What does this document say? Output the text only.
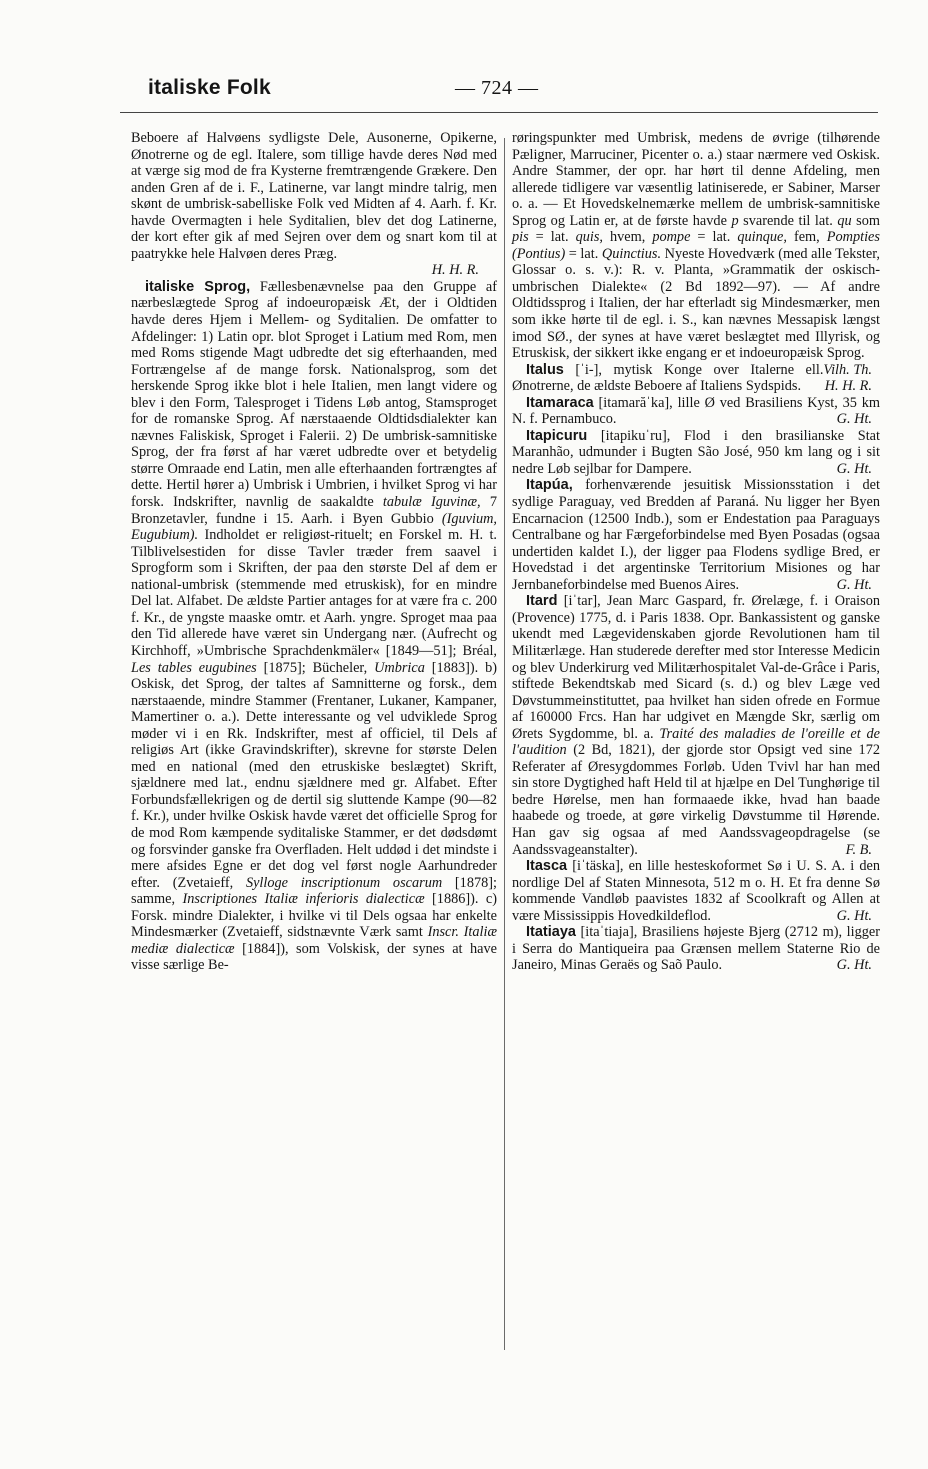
italiske Folk	— 724 —

Beboere af Halvøens sydligste Dele, Ausonerne, Opikerne, Ønotrerne og de egl. Italere, som tillige havde deres Nød med at værge sig mod de fra Kysterne fremtrængende Grækere. Den anden Gren af de i. F., Latinerne, var langt mindre talrig, men skønt de umbrisk-sabelliske Folk ved Midten af 4. Aarh. f. Kr. havde Overmagten i hele Syditalien, blev det dog Latinerne, der kort efter gik af med Sejren over dem og snart kom til at paatrykke hele Halvøen deres Præg.
H. H. R.

italiske Sprog, Fællesbenævnelse paa den Gruppe af nærbeslægtede Sprog af indoeuropæisk Æt, der i Oldtiden havde deres Hjem i Mellem- og Syditalien. De omfatter to Afdelinger: 1) Latin opr. blot Sproget i Latium med Rom, men med Roms stigende Magt udbredte det sig efterhaanden, med Fortrængelse af de mange forsk. Nationalsprog, som det herskende Sprog ikke blot i hele Italien, men langt videre og blev i den Form, Talesproget i Tidens Løb antog, Stamsproget for de romanske Sprog. Af nærstaaende Oldtidsdialekter kan nævnes Faliskisk, Sproget i Falerii. 2) De umbrisk-samnitiske Sprog, der fra først af har været udbredte over et betydelig større Omraade end Latin, men alle efterhaanden fortrængtes af dette. Hertil hører a) Umbrisk i Umbrien, i hvilket Sprog vi har forsk. Indskrifter, navnlig de saakaldte tabulæ Iguvinæ, 7 Bronzetavler, fundne i 15. Aarh. i Byen Gubbio (Iguvium, Eugubium). Indholdet er religiøst-rituelt; en Forskel m. H. t. Tilblivelsestiden for disse Tavler træder frem saavel i Sprogform som i Skriften, der paa den største Del af dem er national-umbrisk (stemmende med etruskisk), for en mindre Del lat. Alfabet. De ældste Partier antages for at være fra c. 200 f. Kr., de yngste maaske omtr. et Aarh. yngre. Sproget maa paa den Tid allerede have været sin Undergang nær. (Aufrecht og Kirchhoff, »Umbrische Sprachdenkmäler« [1849—51]; Bréal, Les tables eugubines [1875]; Bücheler, Umbrica [1883]). b) Oskisk, det Sprog, der taltes af Samnitterne og forsk., dem nærstaaende, mindre Stammer (Frentaner, Lukaner, Kampaner, Mamertiner o. a.). Dette interessante og vel udviklede Sprog møder vi i en Rk. Indskrifter, mest af officiel, til Dels af religiøs Art (ikke Gravindskrifter), skrevne for største Delen med en national (med den etruskiske beslægtet) Skrift, sjældnere med lat., endnu sjældnere med gr. Alfabet. Efter Forbundsfællekrigen og de dertil sig sluttende Kampe (90—82 f. Kr.), under hvilke Oskisk havde været det officielle Sprog for de mod Rom kæmpende syditaliske Stammer, er det dødsdømt og forsvinder ganske fra Overfladen. Helt uddød i det mindste i mere afsides Egne er det dog vel først nogle Aarhundreder efter. (Zvetaieff, Sylloge inscriptionum oscarum [1878]; samme, Inscriptiones Italiæ inferioris dialecticæ [1886]). c) Forsk. mindre Dialekter, i hvilke vi til Dels ogsaa har enkelte Mindesmærker (Zvetaieff, sidstnævnte Værk samt Inscr. Italiæ mediæ dialecticæ [1884]), som Volskisk, der synes at have visse særlige Be-

røringspunkter med Umbrisk, medens de øvrige (tilhørende Pæligner, Marruciner, Picenter o. a.) staar nærmere ved Oskisk. Andre Stammer, der opr. har hørt til denne Afdeling, men allerede tidligere var væsentlig latiniserede, er Sabiner, Marser o. a. — Et Hovedskelnemærke mellem de umbrisk-samnitiske Sprog og Latin er, at de første havde p svarende til lat. qu som pis = lat. quis, hvem, pompe = lat. quinque, fem, Pompties (Pontius) = lat. Quinctius. Nyeste Hovedværk (med alle Tekster, Glossar o. s. v.): R. v. Planta, »Grammatik der oskisch-umbrischen Dialekte« (2 Bd 1892—97). — Af andre Oldtidssprog i Italien, der har efterladt sig Mindesmærker, men som ikke hørte til de egl. i. S., kan nævnes Messapisk længst imod SØ., der synes at have været beslægtet med Illyrisk, og Etruskisk, der sikkert ikke engang er et indoeuropæisk Sprog.
Vilh. Th.

Italus [ˈi-], mytisk Konge over Italerne ell. Ønotrerne, de ældste Beboere af Italiens Sydspids.	H. H. R.

Itamaraca [itamarăˈka], lille Ø ved Brasiliens Kyst, 35 km N. f. Pernambuco.	G. Ht.

Itapicuru [itapikuˈru], Flod i den brasilianske Stat Maranhão, udmunder i Bugten São José, 950 km lang og i sit nedre Løb sejlbar for Dampere.	G. Ht.

Itapúa, forhenværende jesuitisk Missionsstation i det sydlige Paraguay, ved Bredden af Paraná. Nu ligger her Byen Encarnacion (12500 Indb.), som er Endestation paa Paraguays Centralbane og har Færgeforbindelse med Byen Posadas (ogsaa undertiden kaldet I.), der ligger paa Flodens sydlige Bred, er Hovedstad i det argentinske Territorium Misiones og har Jernbaneforbindelse med Buenos Aires.	G. Ht.

Itard [iˈtar], Jean Marc Gaspard, fr. Ørelæge, f. i Oraison (Provence) 1775, d. i Paris 1838. Opr. Bankassistent og ganske ukendt med Lægevidenskaben gjorde Revolutionen ham til Militærlæge. Han studerede derefter med stor Interesse Medicin og blev Underkirurg ved Militærhospitalet Val-de-Grâce i Paris, stiftede Bekendtskab med Sicard (s. d.) og blev Læge ved Døvstummeinstituttet, paa hvilket han siden ofrede en Formue af 160000 Frcs. Han har udgivet en Mængde Skr, særlig om Ørets Sygdomme, bl. a. Traité des maladies de l'oreille et de l'audition (2 Bd, 1821), der gjorde stor Opsigt ved sine 172 Referater af Øresygdommes Forløb. Uden Tvivl har han med sin store Dygtighed haft Held til at hjælpe en Del Tunghørige til bedre Hørelse, men han formaaede ikke, hvad han baade haabede og troede, at gøre virkelig Døvstumme til Hørende. Han gav sig ogsaa af med Aandssvageopdragelse (se Aandssvageanstalter).	F. B.

Itasca [iˈtäska], en lille hesteskoformet Sø i U. S. A. i den nordlige Del af Staten Minnesota, 512 m o. H. Et fra denne Sø kommende Vandløb paavistes 1832 af Scoolkraft og Allen at være Mississippis Hovedkildeflod.	G. Ht.

Itatiaya [itaˈtiaja], Brasiliens højeste Bjerg (2712 m), ligger i Serra do Mantiqueira paa Grænsen mellem Staterne Rio de Janeiro, Minas Geraës og Saõ Paulo.	G. Ht.
